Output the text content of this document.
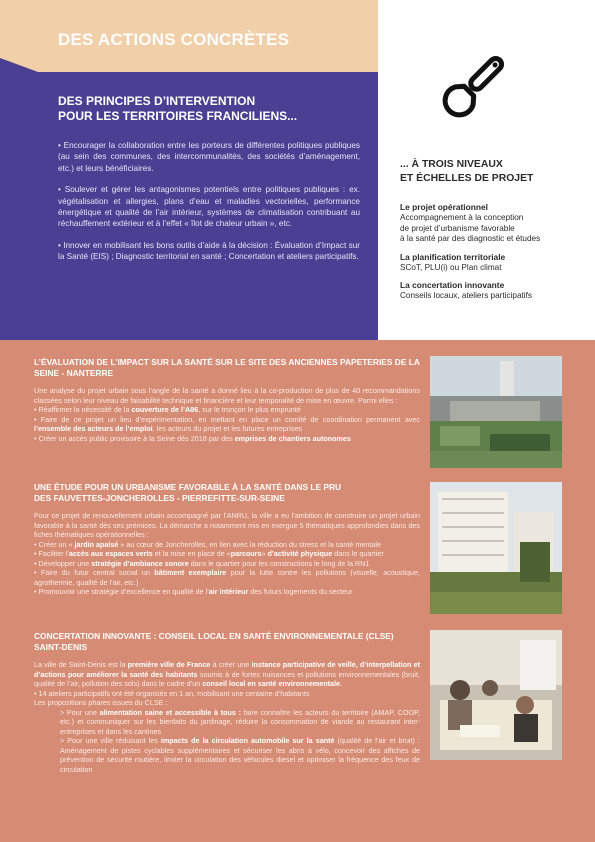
DES ACTIONS CONCRÈTES
DES PRINCIPES D’INTERVENTION
POUR LES TERRITOIRES FRANCILIENS...

• Encourager la collaboration entre les porteurs de différentes politiques publiques (au sein des communes, des intercommunalités, des sociétés d’aménagement, etc.) et leurs bénéficiaires.

• Soulever et gérer les antagonismes potentiels entre politiques publiques : ex. végétalisation et allergies, plans d’eau et maladies vectorielles, performance énergétique et qualité de l’air intérieur, systèmes de climatisation contribuant au réchauffement extérieur et à l’effet « îlot de chaleur urbain », etc.

• Innover en mobilisant les bons outils d’aide à la décision : Évaluation d’Impact sur la Santé (EIS) ; Diagnostic territorial en santé ; Concertation et ateliers participatifs.

... À TROIS NIVEAUX
ET ÉCHELLES DE PROJET
Le projet opérationnel
Accompagnement à la conception
de projet d’urbanisme favorable
à la santé par des diagnostic et études
La planification territoriale
SCoT, PLU(i) ou Plan climat
La concertation innovante
Conseils locaux, ateliers participatifs
L’ÉVALUATION DE L’IMPACT SUR LA SANTÉ SUR LE SITE DES ANCIENNES PAPETERIES DE LA SEINE - NANTERRE
Une analyse du projet urbain sous l’angle de la santé a donné lieu à la co-production de plus de 40 recommandations classées selon leur niveau de faisabilité technique et financière et leur temporalité de mise en œuvre. Parmi elles :
• Réaffirmer la nécessité de la couverture de l’A86, sur le tronçon le plus emprunté
• Faire de ce projet un lieu d’expérimentation, en mettant en place un comité de coordination permanent avec l’ensemble des acteurs de l’emploi, les acteurs du projet et les futures entreprises
• Créer un accès public provisoire à la Seine dès 2018 par des emprises de chantiers autonomes
UNE ÉTUDE POUR UN URBANISME FAVORABLE À LA SANTÉ DANS LE PRU
DES FAUVETTES-JONCHEROLLES - PIERREFITTE-SUR-SEINE
Pour ce projet de renouvellement urbain accompagné par l’ANRU, la ville a eu l’ambition de construire un projet urbain favorable à la santé dès ses prémices. La démarche a notamment mis en exergue 5 thématiques approfondies dans des fiches thématiques opérationnelles :
• Créer un « jardin apaisé » au cœur de Joncherolles, en lien avec la réduction du stress et la santé mentale
• Faciliter l’accès aux espaces verts et la mise en place de «parcours» d’activité physique dans le quartier
• Développer une stratégie d’ambiance sonore dans le quartier pour les constructions le long de la RN1
• Faire du futur central social un bâtiment exemplaire pour la lutte contre les pollutions (visuelle, acoustique, agrothermie, qualité de l’air, etc.)
• Promouvoir une stratégie d’excellence en qualité de l’air intérieur des futurs logements du secteur
CONCERTATION INNOVANTE : CONSEIL LOCAL EN SANTÉ ENVIRONNEMENTALE (CLSE)
SAINT-DENIS
La ville de Saint-Denis est la première ville de France à créer une instance participative de veille, d’interpellation et d’actions pour améliorer la santé des habitants soumis à de fortes nuisances et pollutions environnementales (bruit, qualité de l’air, pollution des sols) dans le cadre d’un conseil local en santé environnementale.
• 14 ateliers participatifs ont été organisés en 1 an, mobilisant une centaine d’habitants
Les propositions phares issues du CLSE :
> Pour une alimentation saine et accessible à tous : faire connaître les acteurs du territoire (AMAP, COOP, etc.) et communiquer sur les bienfaits du jardinage, réduire la consommation de viande au restaurant inter-entreprises et dans les cantines
> Pour une ville réduisant les impacts de la circulation automobile sur la santé (qualité de l’air et bruit) : Aménagement de pistes cyclables supplémentaires et sécuriser les abris à vélo, concevoir des affiches de prévention de sécurité routière, limiter la circulation des véhicules diesel et optimiser la fréquence des feux de circulation
